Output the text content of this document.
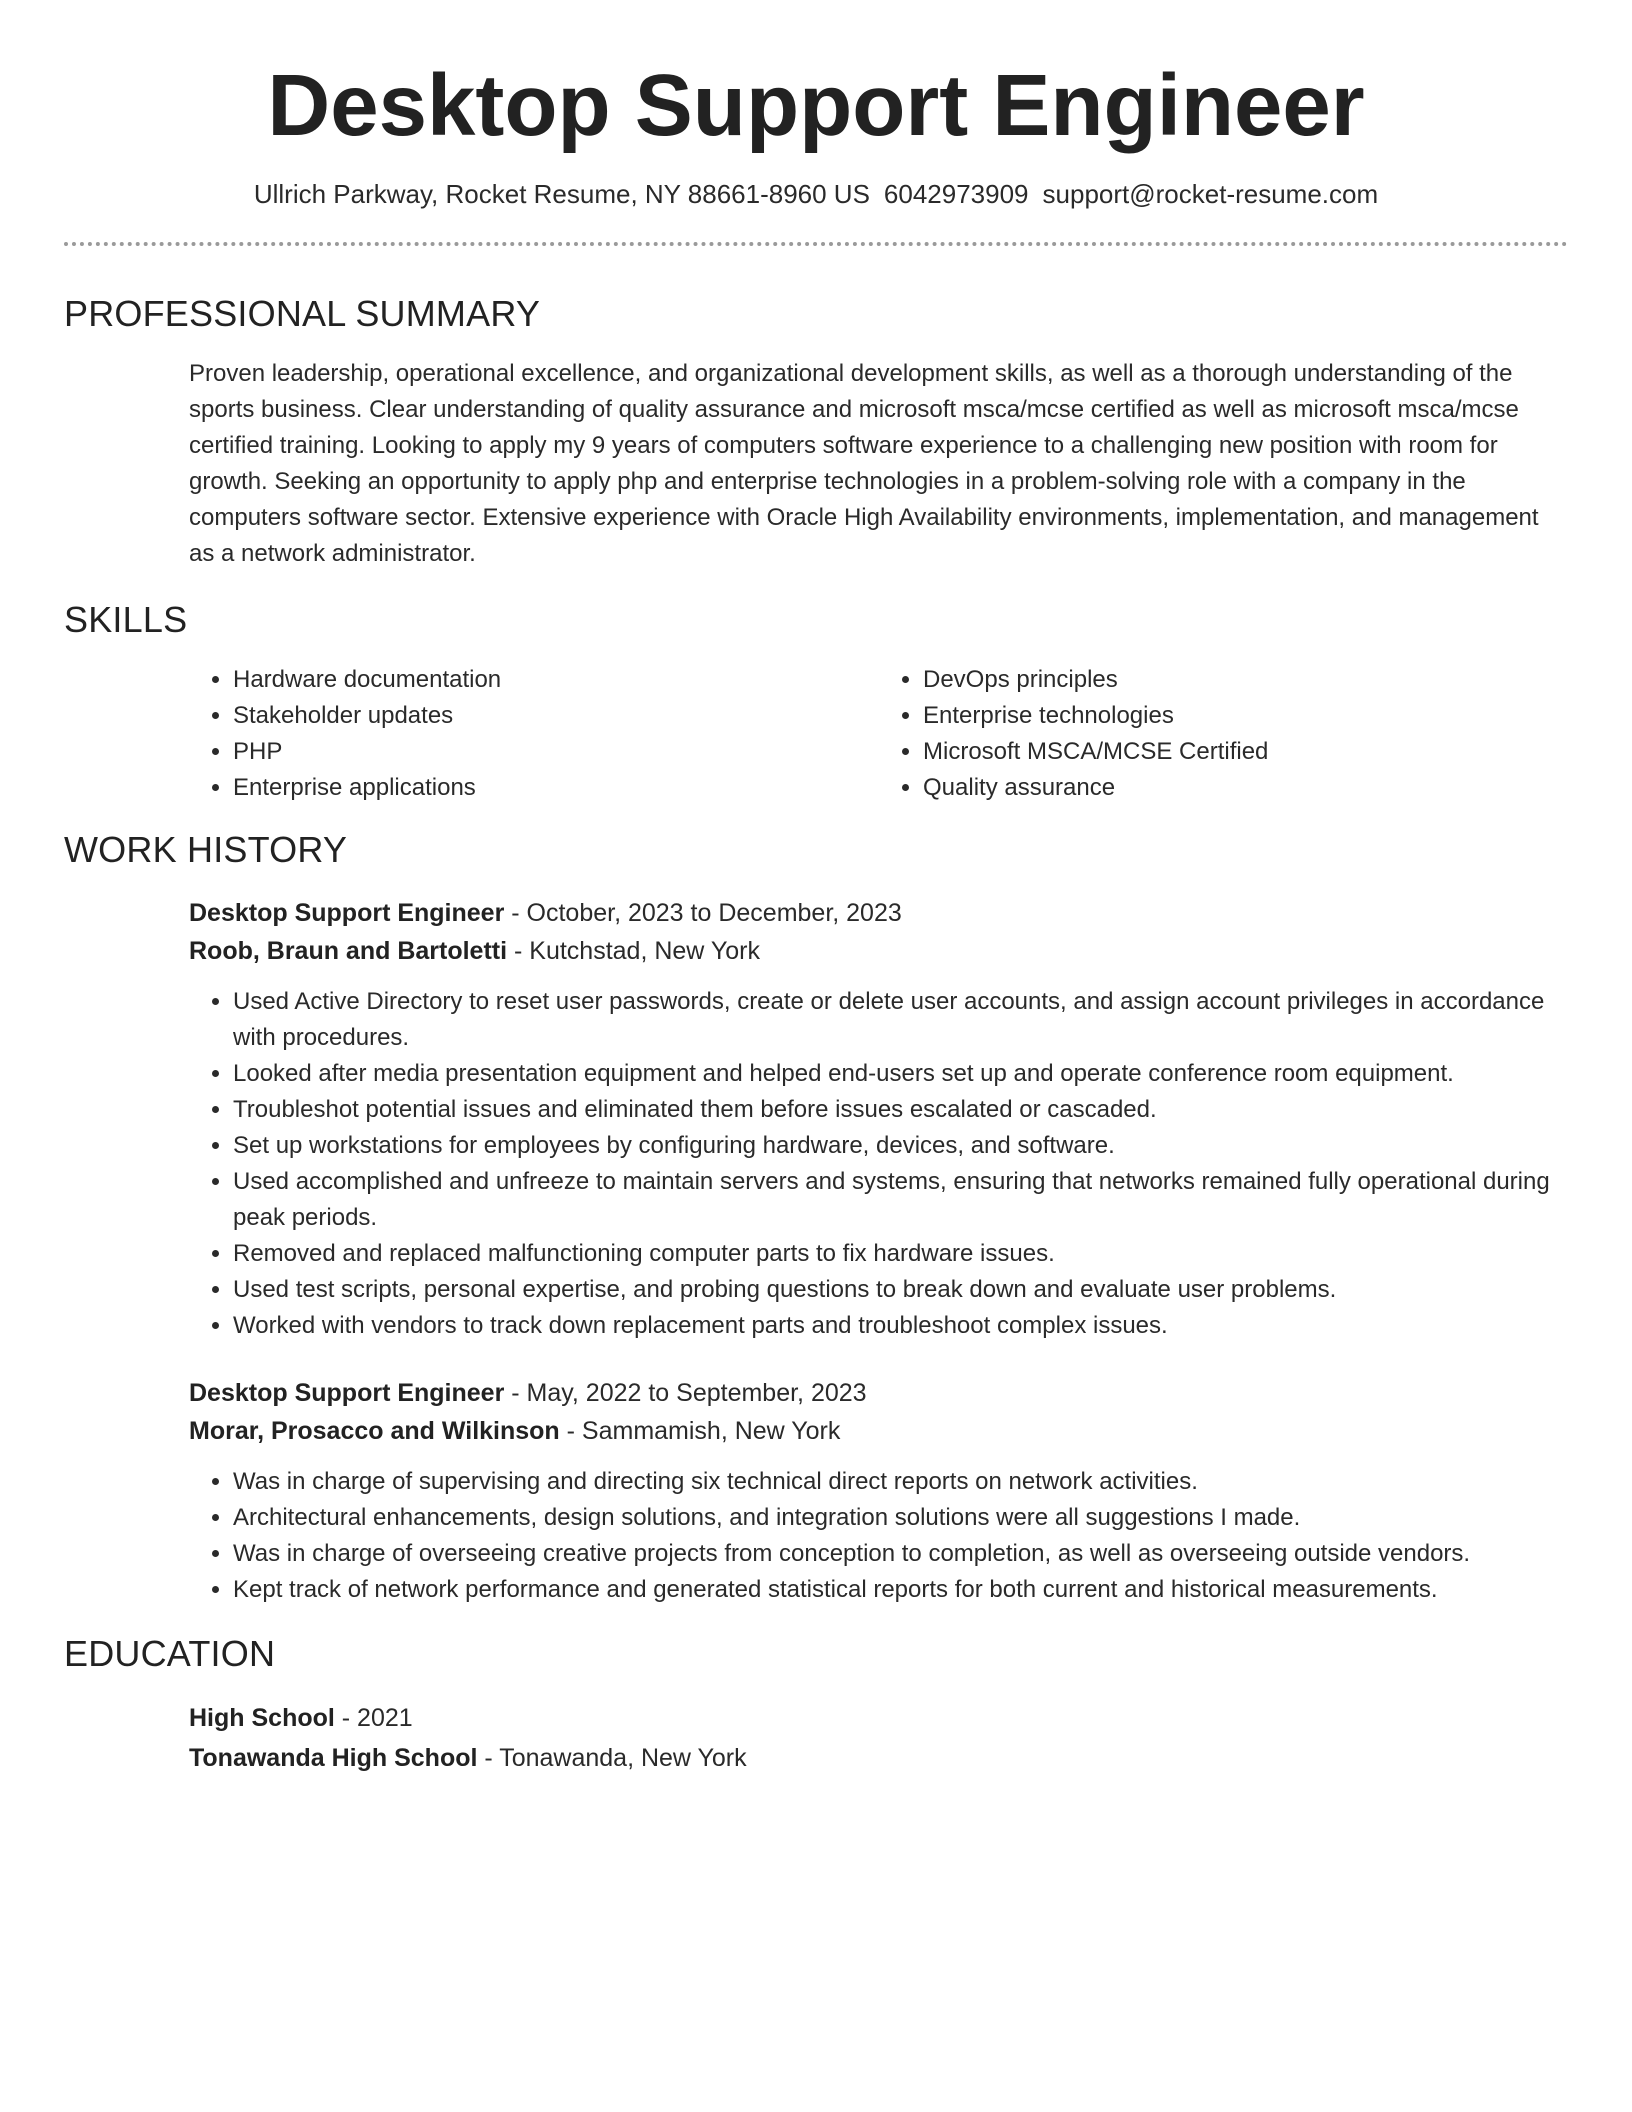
Desktop Support Engineer
Ullrich Parkway, Rocket Resume, NY 88661-8960 US 6042973909 support@rocket-resume.com
PROFESSIONAL SUMMARY
Proven leadership, operational excellence, and organizational development skills, as well as a thorough understanding of the sports business. Clear understanding of quality assurance and microsoft msca/mcse certified as well as microsoft msca/mcse certified training. Looking to apply my 9 years of computers software experience to a challenging new position with room for growth. Seeking an opportunity to apply php and enterprise technologies in a problem-solving role with a company in the computers software sector. Extensive experience with Oracle High Availability environments, implementation, and management as a network administrator.
SKILLS
• Hardware documentation
• Stakeholder updates
• PHP
• Enterprise applications
• DevOps principles
• Enterprise technologies
• Microsoft MSCA/MCSE Certified
• Quality assurance
WORK HISTORY
Desktop Support Engineer - October, 2023 to December, 2023
Roob, Braun and Bartoletti - Kutchstad, New York
• Used Active Directory to reset user passwords, create or delete user accounts, and assign account privileges in accordance with procedures.
• Looked after media presentation equipment and helped end-users set up and operate conference room equipment.
• Troubleshot potential issues and eliminated them before issues escalated or cascaded.
• Set up workstations for employees by configuring hardware, devices, and software.
• Used accomplished and unfreeze to maintain servers and systems, ensuring that networks remained fully operational during peak periods.
• Removed and replaced malfunctioning computer parts to fix hardware issues.
• Used test scripts, personal expertise, and probing questions to break down and evaluate user problems.
• Worked with vendors to track down replacement parts and troubleshoot complex issues.
Desktop Support Engineer - May, 2022 to September, 2023
Morar, Prosacco and Wilkinson - Sammamish, New York
• Was in charge of supervising and directing six technical direct reports on network activities.
• Architectural enhancements, design solutions, and integration solutions were all suggestions I made.
• Was in charge of overseeing creative projects from conception to completion, as well as overseeing outside vendors.
• Kept track of network performance and generated statistical reports for both current and historical measurements.
EDUCATION
High School - 2021
Tonawanda High School - Tonawanda, New York
